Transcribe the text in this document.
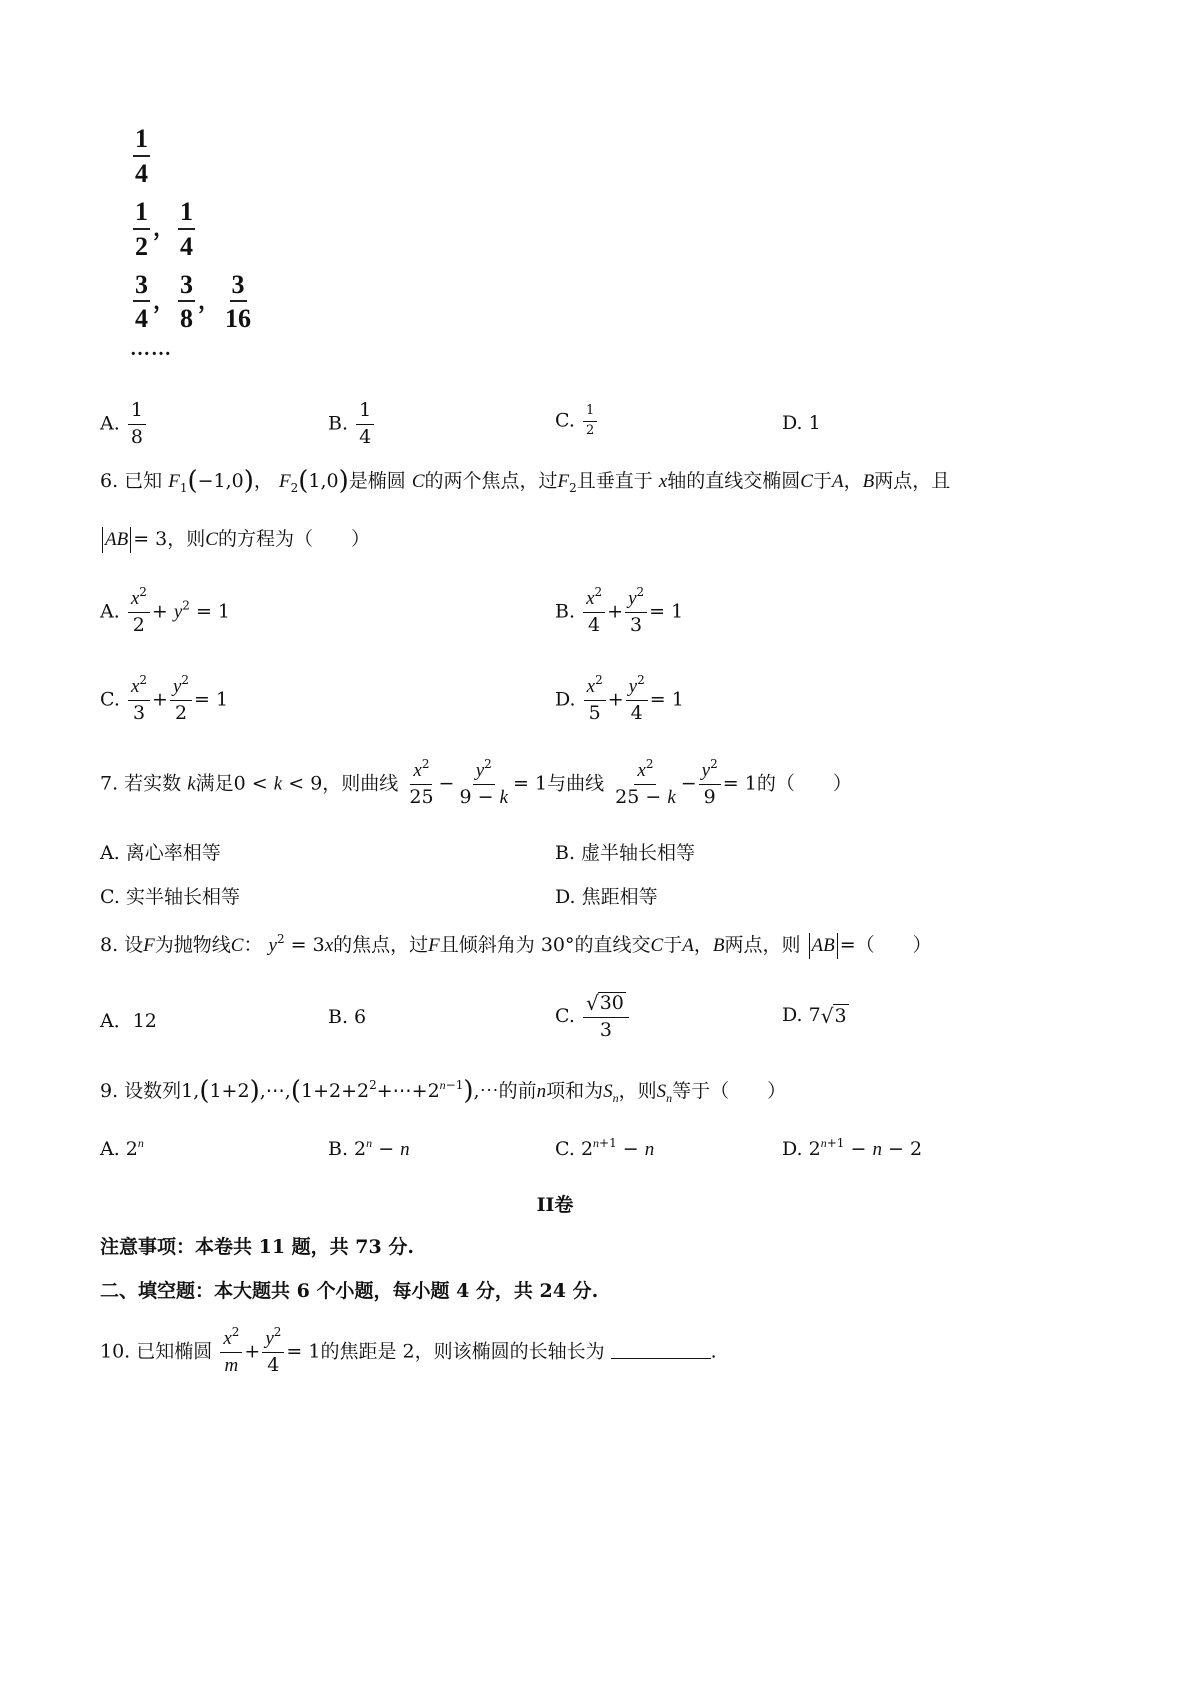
$\frac{1}{4}$
$\frac{1}{2}$ ， $\frac{1}{4}$
$\frac{3}{4}$ ， $\frac{3}{8}$ ， $\frac{3}{16}$
……
A. $\frac{1}{8}$	B. $\frac{1}{4}$	C. $\frac{1}{2}$	D. 1
6. 已知 $F_1(-1,0)$， $F_2(1,0)$是椭圆 C的两个焦点，过$F_2$且垂直于 x轴的直线交椭圆C于A，B两点，且
AB = 3，则C的方程为（　　）
A. $\frac{x^2}{2} + y^2 = 1$	B. $\frac{x^2}{4} + \frac{y^2}{3} = 1$
C. $\frac{x^2}{3} + \frac{y^2}{2} = 1$	D. $\frac{x^2}{5} + \frac{y^2}{4} = 1$
7. 若实数 k满足0 < k < 9，则曲线 $\frac{x^2}{25} - \frac{y^2}{9 - k} = 1$与曲线 $\frac{x^2}{25 - k} - \frac{y^2}{9} = 1$的（　　）
A. 离心率相等	B. 虚半轴长相等
C. 实半轴长相等	D. 焦距相等
8. 设F为抛物线C： $y^2 = 3x$的焦点，过F且倾斜角为 30°的直线交C于A，B两点，则 AB =（　　）
A．12	B. 6	C. $\frac{√ 30}{3}$	D. 7 √ 3
9. 设数列$1,(1+2),\cdots,(1+2+2^2+\cdots+2^{n-1}),\cdots$的前n项和为$S_n$，则$S_n$等于（　　）
A. 2$^n$	B. $2^n - n$	C. $2^{n+1} - n$	D. $2^{n+1} - n - 2$
II卷
注意事项：本卷共 11 题，共 73 分.
二、填空题：本大题共 6 个小题，每小题 4 分，共 24 分.
10. 已知椭圆 $\frac{x^2}{m} + \frac{y^2}{4} = 1$的焦距是 2，则该椭圆的长轴长为	.
